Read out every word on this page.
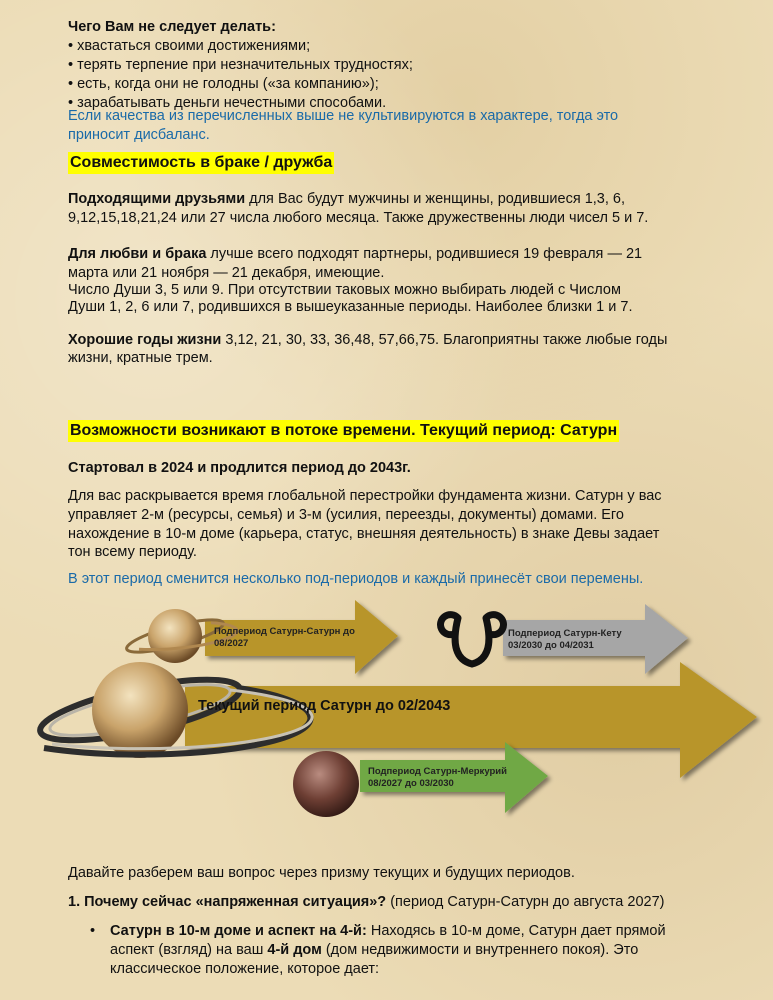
Чего Вам не следует делать:

• хвастаться своими достижениями;

• терять терпение при незначительных трудностях;

• есть, когда они не голодны («за компанию»);

• зарабатывать деньги нечестными способами.

Если качества из перечисленных выше не культивируются в характере, тогда это

приносит дисбаланс.

Совместимость в браке / дружба

Подходящими друзьями для Вас будут мужчины и женщины, родившиеся 1,3, 6,

9,12,15,18,21,24 или 27 числа любого месяца. Также дружественны люди чисел 5 и 7.

Для любви и брака лучше всего подходят партнеры, родившиеся 19 февраля — 21

марта или 21 ноября — 21 декабря, имеющие.

Число Души 3, 5 или 9. При отсутствии таковых можно выбирать людей с Числом

Души 1, 2, 6 или 7, родившихся в вышеуказанные периоды. Наиболее близки 1 и 7.

Хорошие годы жизни 3,12, 21, 30, 33, 36,48, 57,66,75. Благоприятны также любые годы

жизни, кратные трем.

Возможности возникают в потоке времени. Текущий период: Сатурн

Стартовал в 2024 и продлится период до 2043г.

Для вас раскрывается время глобальной перестройки фундамента жизни. Сатурн у вас

управляет 2-м (ресурсы, семья) и 3-м (усилия, переезды, документы) домами. Его

нахождение в 10-м доме (карьера, статус, внешняя деятельность) в знаке Девы задает

тон всему периоду.

В этот период сменится несколько под-периодов и каждый принесёт свои перемены.

Подпериод Сатурн-Сатурн до
08/2027
Подпериод Сатурн-Кету
03/2030 до 04/2031
Подпериод Сатурн-Меркурий
08/2027 до 03/2030
Текущий период Сатурн до 02/2043

Давайте разберем ваш вопрос через призму текущих и будущих периодов.

1. Почему сейчас «напряженная ситуация»? (период Сатурн-Сатурн до августа 2027)

• Сатурн в 10-м доме и аспект на 4-й: Находясь в 10-м доме, Сатурн дает прямой
аспект (взгляд) на ваш 4-й дом (дом недвижимости и внутреннего покоя). Это
классическое положение, которое дает:
